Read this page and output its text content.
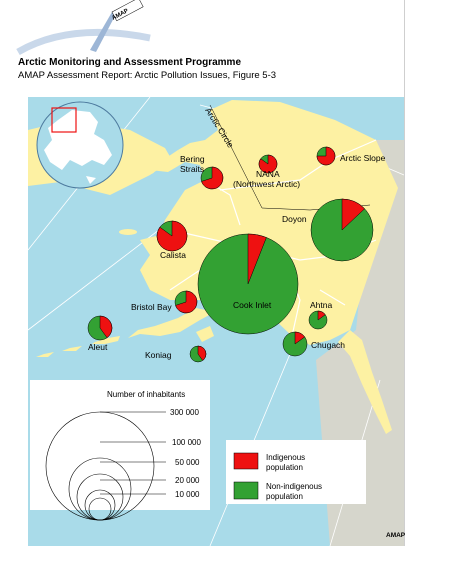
AMAP
Arctic Circle
Bering Straits
Arctic Slope
NANA (Northwest Arctic)
Doyon
Calista
Cook Inlet
Bristol Bay	Ahtna
Aleut
Koniag
Chugach
Number of inhabitants
300 000
100 000
50 000
20 000
10 000
Indigenous
population
Non-indigenous
population
Arctic Monitoring and Assessment Programme
AMAP Assessment Report: Arctic Pollution Issues, Figure 5-3
AMAP
